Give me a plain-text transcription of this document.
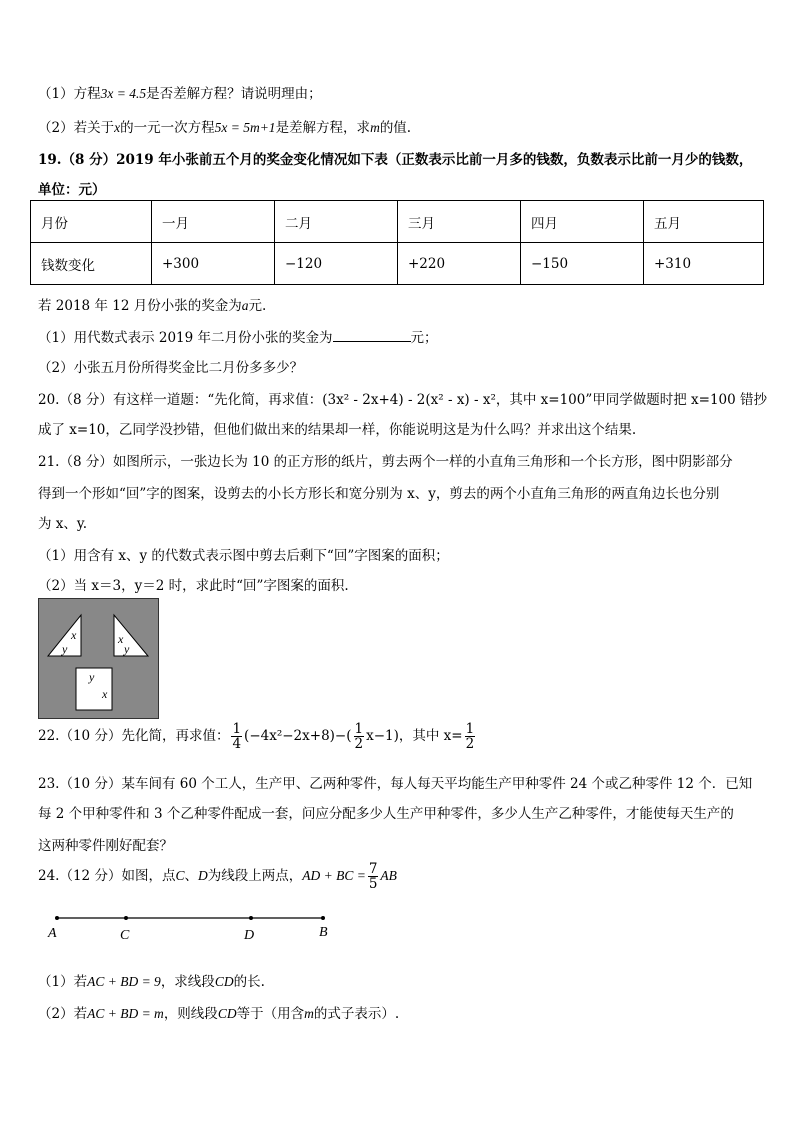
（1）方程3x = 4.5是否差解方程？请说明理由；
（2）若关于x的一元一次方程5x = 5m+1是差解方程，求m的值.
19.（8 分）2019 年小张前五个月的奖金变化情况如下表（正数表示比前一月多的钱数，负数表示比前一月少的钱数，
单位：元）
月份	一月	二月	三月	四月	五月
钱数变化	+300	−120	+220	−150	+310
若 2018 年 12 月份小张的奖金为a元.
（1）用代数式表示 2019 年二月份小张的奖金为	元；
（2）小张五月份所得奖金比二月份多多少？
20.（8 分）有这样一道题：“先化简，再求值：(3x² - 2x+4) - 2(x² - x) - x²，其中 x=100”甲同学做题时把 x=100 错抄
成了 x=10，乙同学没抄错，但他们做出来的结果却一样，你能说明这是为什么吗？并求出这个结果.
21.（8 分）如图所示，一张边长为 10 的正方形的纸片，剪去两个一样的小直角三角形和一个长方形，图中阴影部分
得到一个形如“回”字的图案，设剪去的小长方形长和宽分别为 x、y，剪去的两个小直角三角形的两直角边长也分别
为 x、y.
（1）用含有 x、y 的代数式表示图中剪去后剩下“回”字图案的面积；
（2）当 x＝3，y＝2 时，求此时“回”字图案的面积.
x
y
x
y
y
x
22.（10 分）先化简，再求值： $\frac{1}{4} (-4x^2-2x+8)-( \frac{1}{2} x-1)$，其中 $x= \frac{1}{2}$
23.（10 分）某车间有 60 个工人，生产甲、乙两种零件，每人每天平均能生产甲种零件 24 个或乙种零件 12 个．已知
每 2 个甲种零件和 3 个乙种零件配成一套，问应分配多少人生产甲种零件，多少人生产乙种零件，才能使每天生产的
这两种零件刚好配套？
24.（12 分）如图，点C、D为线段上两点，AD + BC = $\frac{7}{5}$ AB
A	C	D	B
（1）若AC + BD = 9，求线段CD的长.
（2）若AC + BD = m，则线段CD等于（用含m的式子表示）.
